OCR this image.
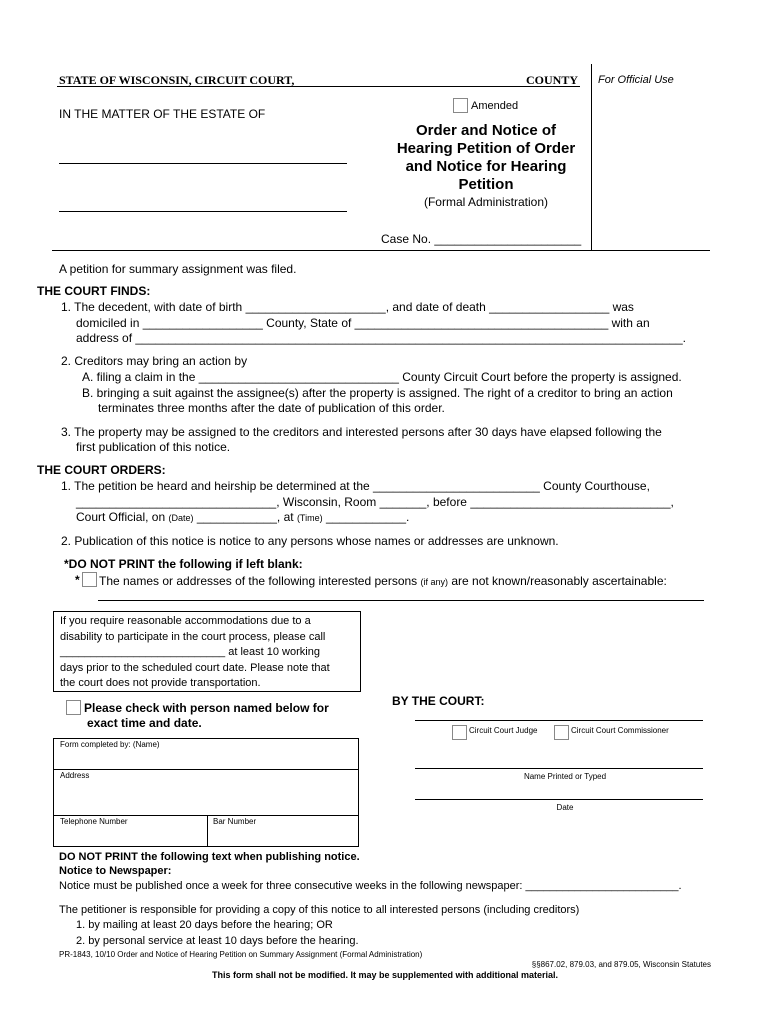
STATE OF WISCONSIN, CIRCUIT COURT,	COUNTY For Official Use
IN THE MATTER OF THE ESTATE OF
Amended
Order and Notice of
Hearing Petition of Order
and Notice for Hearing
Petition
(Formal Administration)
Case No. ______________________
A petition for summary assignment was filed.
THE COURT FINDS:
1. The decedent, with date of birth _____________________, and date of death __________________ was
domiciled in __________________ County, State of ______________________________________ with an
address of __________________________________________________________________________________.
2. Creditors may bring an action by
A. filing a claim in the ______________________________ County Circuit Court before the property is assigned.
B. bringing a suit against the assignee(s) after the property is assigned. The right of a creditor to bring an action
terminates three months after the date of publication of this order.
3. The property may be assigned to the creditors and interested persons after 30 days have elapsed following the
first publication of this notice.
THE COURT ORDERS:
1. The petition be heard and heirship be determined at the _________________________ County Courthouse,
______________________________, Wisconsin, Room _______, before ______________________________,
Court Official, on (Date) ____________, at (Time) ____________.
2. Publication of this notice is notice to any persons whose names or addresses are unknown.
*DO NOT PRINT the following if left blank:
* The names or addresses of the following interested persons (if any) are not known/reasonably ascertainable:
If you require reasonable accommodations due to a
disability to participate in the court process, please call
___________________________ at least 10 working
days prior to the scheduled court date. Please note that
the court does not provide transportation.
Please check with person named below for
exact time and date.
Form completed by: (Name)
Address
Telephone Number	Bar Number
BY THE COURT:
Circuit Court Judge	Circuit Court Commissioner
Name Printed or Typed
Date
DO NOT PRINT the following text when publishing notice.
Notice to Newspaper:
Notice must be published once a week for three consecutive weeks in the following newspaper: _________________________.
The petitioner is responsible for providing a copy of this notice to all interested persons (including creditors)
1. by mailing at least 20 days before the hearing; OR
2. by personal service at least 10 days before the hearing.
PR-1843, 10/10 Order and Notice of Hearing Petition on Summary Assignment (Formal Administration)
§§867.02, 879.03, and 879.05, Wisconsin Statutes
This form shall not be modified. It may be supplemented with additional material.
